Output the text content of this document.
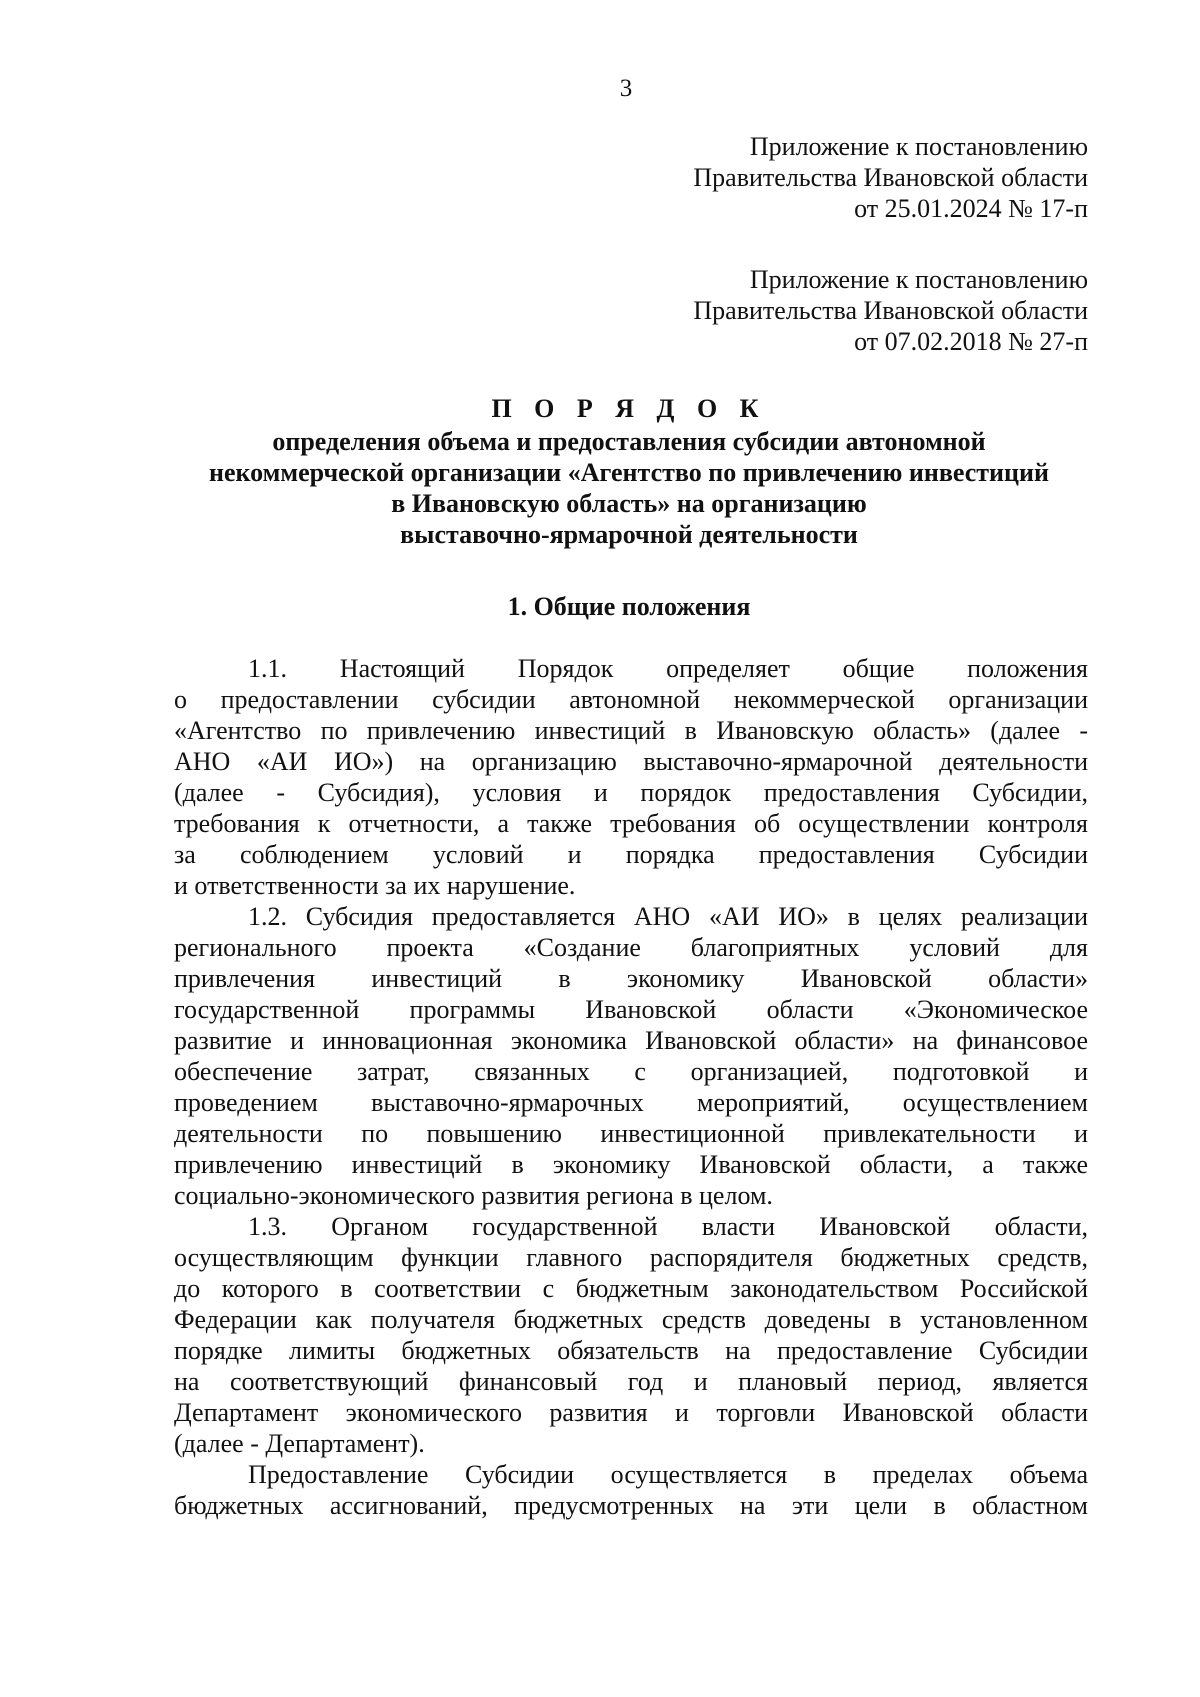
3
Приложение к постановлению
Правительства Ивановской области
от 25.01.2024 № 17-п
Приложение к постановлению
Правительства Ивановской области
от 07.02.2018 № 27-п
П О Р Я Д О К
определения объема и предоставления субсидии автономной
некоммерческой организации «Агентство по привлечению инвестиций
в Ивановскую область» на организацию
выставочно-ярмарочной деятельности
1. Общие положения
1.1. Настоящий Порядок определяет общие положения
о предоставлении субсидии автономной некоммерческой организации
«Агентство по привлечению инвестиций в Ивановскую область» (далее -
АНО «АИ ИО») на организацию выставочно-ярмарочной деятельности
(далее - Субсидия), условия и порядок предоставления Субсидии,
требования к отчетности, а также требования об осуществлении контроля
за соблюдением условий и порядка предоставления Субсидии
и ответственности за их нарушение.
1.2. Субсидия предоставляется АНО «АИ ИО» в целях реализации
регионального проекта «Создание благоприятных условий для
привлечения инвестиций в экономику Ивановской области»
государственной программы Ивановской области «Экономическое
развитие и инновационная экономика Ивановской области» на финансовое
обеспечение затрат, связанных с организацией, подготовкой и
проведением выставочно-ярмарочных мероприятий, осуществлением
деятельности по повышению инвестиционной привлекательности и
привлечению инвестиций в экономику Ивановской области, а также
социально-экономического развития региона в целом.
1.3. Органом государственной власти Ивановской области,
осуществляющим функции главного распорядителя бюджетных средств,
до которого в соответствии с бюджетным законодательством Российской
Федерации как получателя бюджетных средств доведены в установленном
порядке лимиты бюджетных обязательств на предоставление Субсидии
на соответствующий финансовый год и плановый период, является
Департамент экономического развития и торговли Ивановской области
(далее - Департамент).
Предоставление Субсидии осуществляется в пределах объема
бюджетных ассигнований, предусмотренных на эти цели в областном
